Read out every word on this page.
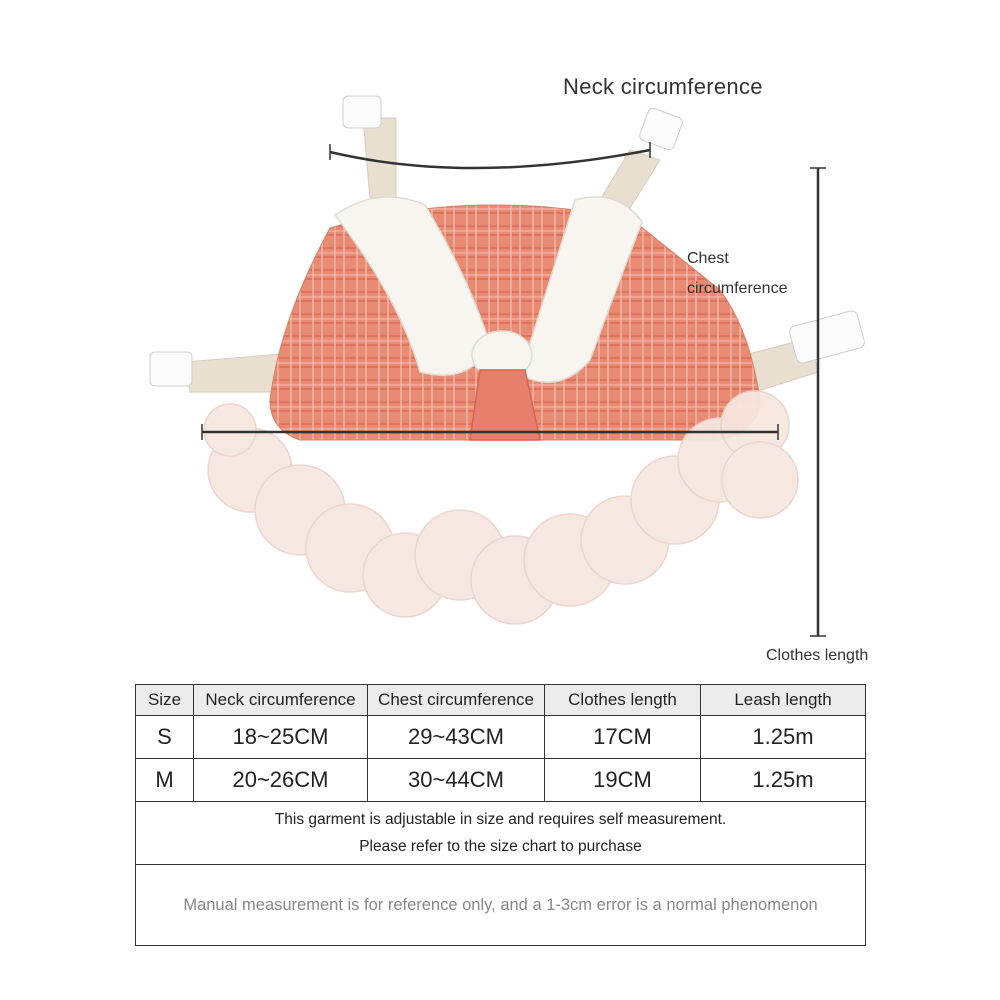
Neck circumference
Chest
circumference
Clothes length
Size	Neck circumference	Chest circumference	Clothes length	Leash length
S	18~25CM	29~43CM	17CM	1.25m
M	20~26CM	30~44CM	19CM	1.25m

This garment is adjustable in size and requires self measurement.
Please refer to the size chart to purchase				

Manual measurement is for reference only, and a 1-3cm error is a normal phenomenon				
